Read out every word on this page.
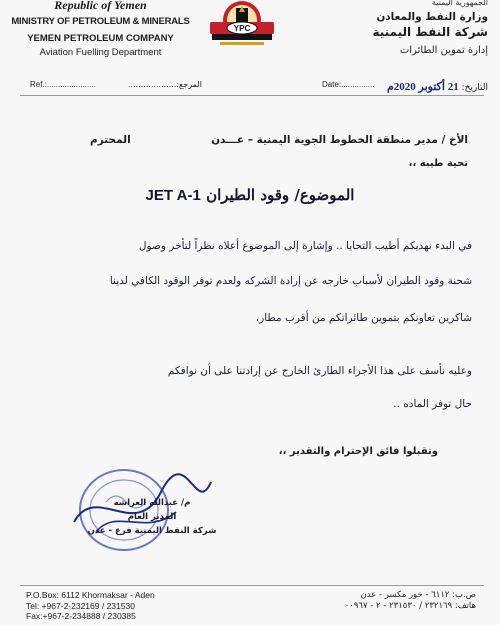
Republic of Yemen
MINISTRY OF PETROLEUM & MINERALS
YEMEN PETROLEUM COMPANY
Aviation Fuelling Department
YPC
الجمهورية اليمنية
وزارة النفط والمعادن
شركة النفط اليمنية
إدارة تموين الطائرات
Ref.:......................	المرجع:...................	Date:...............	التاريخ: 21 أكتوبر 2020م
الأخ / مدير منطقة الخطوط الجوية اليمنية – عـــدن
المحترم
تحية طيبه ،،
الموضوع/ وقود الطيران JET A-1
في البدء نهديكم أطيب التحايا .. وإشارة إلى الموضوع أعلاه نظراً لتأخر وصول
شحنة وقود الطيران لأسباب خارجه عن إرادة الشركه ولعدم توفر الوقود الكافي لدينا
شاكرين تعاونكم بتموين طائراتكم من أقرب مطار،
وعليه نأسف على هذا الأجراء الطارئ الخارج عن إرادتنا على أن نوافكم
حال توفر الماده ..
وتقبلوا فائق الإحترام والتقدير ،،
م/ عبدالله العراشه
المدير العام
شركة النفط اليمنية فرع - عدن
P.O.Box: 6112 Khormaksar - Aden
Tel: +967-2-232169 / 231530
Fax:+967-2-234888 / 230385
ص.ب: ٦١١٢ - خور مكسر - عدن
هاتف: ٢٣٢١٦٩ / ٢٣١٥٣٠ - ٢ - ٠٠٩٦٧
